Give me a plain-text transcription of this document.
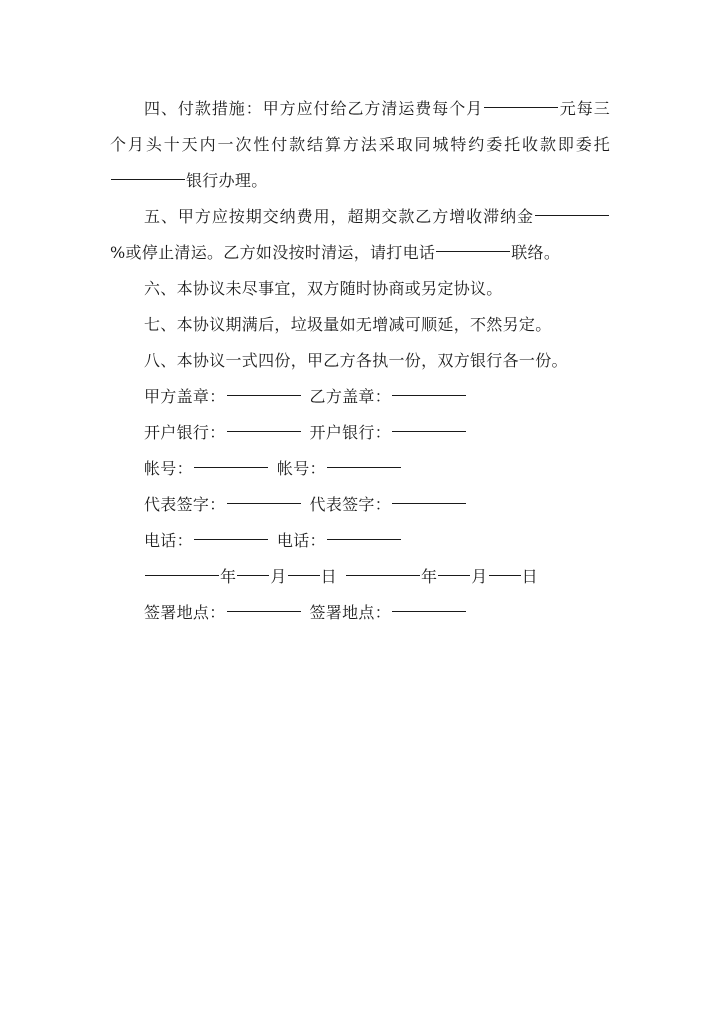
四、付款措施：甲方应付给乙方清运费每个月	元每三个月头十天内一次性付款结算方法采取同城特约委托收款即委托银行办理。

五、甲方应按期交纳费用，超期交款乙方增收滞纳金%或停止清运。乙方如没按时清运，请打电话	联络。

六、本协议未尽事宜，双方随时协商或另定协议。

七、本协议期满后，垃圾量如无增减可顺延，不然另定。

八、本协议一式四份，甲乙方各执一份，双方银行各一份。

甲方盖章：	乙方盖章：

开户银行：	开户银行：

帐号：	帐号：

代表签字：	代表签字：

电话：	电话：

年 月 日	年 月 日

签署地点：	签署地点：
